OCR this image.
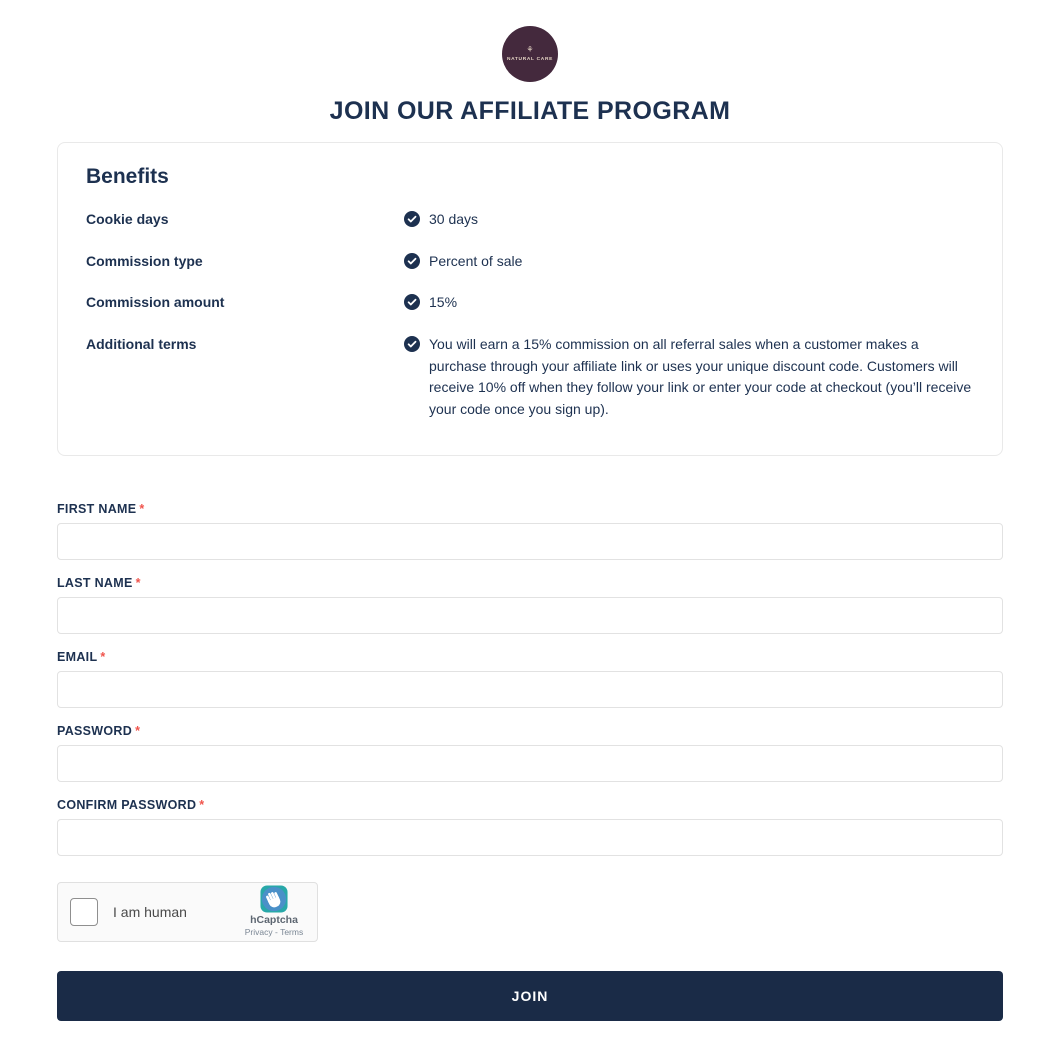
⚘
NATURAL CARE
JOIN OUR AFFILIATE PROGRAM
Benefits
Cookie days	30 days
Commission type	Percent of sale
Commission amount	15%
Additional terms	You will earn a 15% commission on all referral sales when a customer makes a purchase through your affiliate link or uses your unique discount code. Customers will receive 10% off when they follow your link or enter your code at checkout (you’ll receive your code once you sign up).
FIRST NAME *
LAST NAME *
EMAIL *
PASSWORD *
CONFIRM PASSWORD *
I am human
hCaptcha
Privacy - Terms
JOIN
